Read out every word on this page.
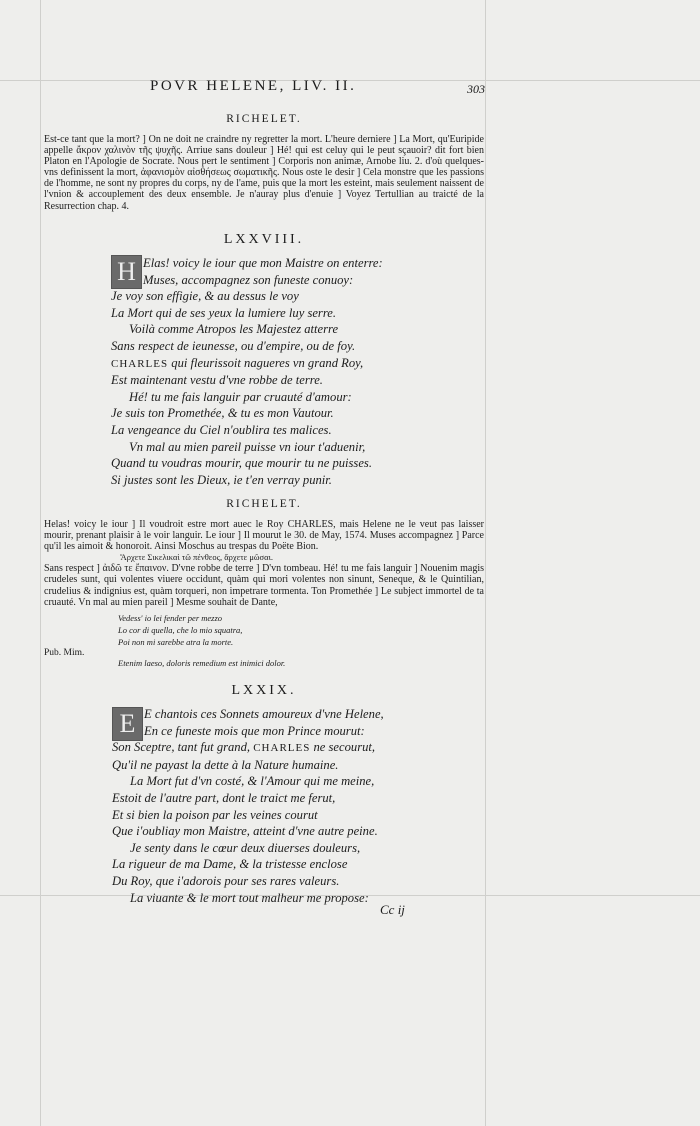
POVR HELENE, LIV. II.	303
RICHELET.

Est-ce tant que la mort? ] On ne doit ne craindre ny regretter la mort. L'heure derniere ] La Mort, qu'Euripide appelle ἄκρον χαλινὸν τῆς ψυχῆς. Arriue sans douleur ] Hé! qui est celuy qui le peut sçauoir? dit fort bien Platon en l'Apologie de Socrate. Nous pert le sentiment ] Corporis non animæ, Arnobe liu. 2. d'où quelques-vns definissent la mort, ἀφανισμὸν αἰσθήσεως σωματικῆς. Nous oste le desir ] Cela monstre que les passions de l'homme, ne sont ny propres du corps, ny de l'ame, puis que la mort les esteint, mais seulement naissent de l'vnion & accouplement des deux ensemble. Je n'auray plus d'enuie ] Voyez Tertullian au traicté de la Resurrection chap. 4.

LXXVIII.
H Elas! voicy le iour que mon Maistre on enterre:
Muses, accompagnez son funeste conuoy:
Je voy son effigie, & au dessus le voy
La Mort qui de ses yeux la lumiere luy serre.
Voilà comme Atropos les Majestez atterre
Sans respect de ieunesse, ou d'empire, ou de foy.
CHARLES qui fleurissoit nagueres vn grand Roy,
Est maintenant vestu d'vne robbe de terre.
Hé! tu me fais languir par cruauté d'amour:
Je suis ton Promethée, & tu es mon Vautour.
La vengeance du Ciel n'oublira tes malices.
Vn mal au mien pareil puisse vn iour t'aduenir,
Quand tu voudras mourir, que mourir tu ne puisses.
Si justes sont les Dieux, ie t'en verray punir.
RICHELET.

Helas! voicy le iour ] Il voudroit estre mort auec le Roy CHARLES, mais Helene ne le veut pas laisser mourir, prenant plaisir à le voir languir. Le iour ] Il mourut le 30. de May, 1574. Muses accompagnez ] Parce qu'il les aimoit & honoroit. Ainsi Moschus au trespas du Poëte Bion.

Ἄρχετε Σικελικαὶ τῶ πένθεος, ἄρχετε μῶσαι.

Sans respect ] ἀιδῶ τε ἔπαινον. D'vne robbe de terre ] D'vn tombeau. Hé! tu me fais languir ] Nouenim magis crudeles sunt, qui volentes viuere occidunt, quàm qui mori volentes non sinunt, Seneque, & le Quintilian, crudelius & indignius est, quàm torqueri, non impetrare tormenta. Ton Promethée ] Le subject immortel de ta cruauté. Vn mal au mien pareil ] Mesme souhait de Dante,

Vedess' io lei fender per mezzo
Lo cor di quella, che lo mio squatra,
Poi non mi sarebbe atra la morte.
Pub. Mim.
Etenim laeso, doloris remedium est inimici dolor.
LXXIX.
E E chantois ces Sonnets amoureux d'vne Helene,
En ce funeste mois que mon Prince mourut:
Son Sceptre, tant fut grand, CHARLES ne secourut,
Qu'il ne payast la dette à la Nature humaine.
La Mort fut d'vn costé, & l'Amour qui me meine,
Estoit de l'autre part, dont le traict me ferut,
Et si bien la poison par les veines courut
Que i'oubliay mon Maistre, atteint d'vne autre peine.
Je senty dans le cœur deux diuerses douleurs,
La rigueur de ma Dame, & la tristesse enclose
Du Roy, que i'adorois pour ses rares valeurs.
La viuante & le mort tout malheur me propose:
Cc ij
